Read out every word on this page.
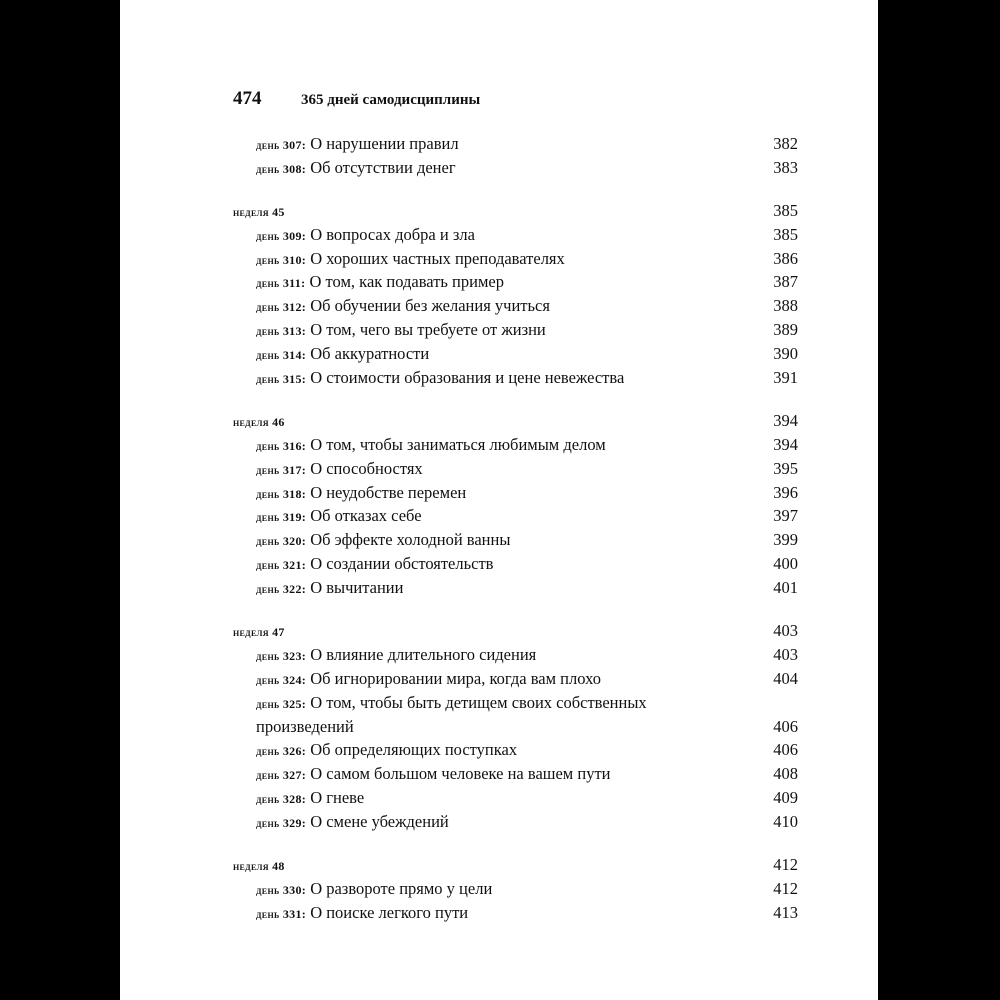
474	365 дней самодисциплины
день 307: О нарушении правил	382
день 308: Об отсутствии денег	383
неделя 45	385
день 309: О вопросах добра и зла	385
день 310: О хороших частных преподавателях	386
день 311: О том, как подавать пример	387
день 312: Об обучении без желания учиться	388
день 313: О том, чего вы требуете от жизни	389
день 314: Об аккуратности	390
день 315: О стоимости образования и цене невежества	391
неделя 46	394
день 316: О том, чтобы заниматься любимым делом	394
день 317: О способностях	395
день 318: О неудобстве перемен	396
день 319: Об отказах себе	397
день 320: Об эффекте холодной ванны	399
день 321: О создании обстоятельств	400
день 322: О вычитании	401
неделя 47	403
день 323: О влияние длительного сидения	403
день 324: Об игнорировании мира, когда вам плохо	404
день 325: О том, чтобы быть детищем своих собственных
произведений	406
день 326: Об определяющих поступках	406
день 327: О самом большом человеке на вашем пути	408
день 328: О гневе	409
день 329: О смене убеждений	410
неделя 48	412
день 330: О развороте прямо у цели	412
день 331: О поиске легкого пути	413
